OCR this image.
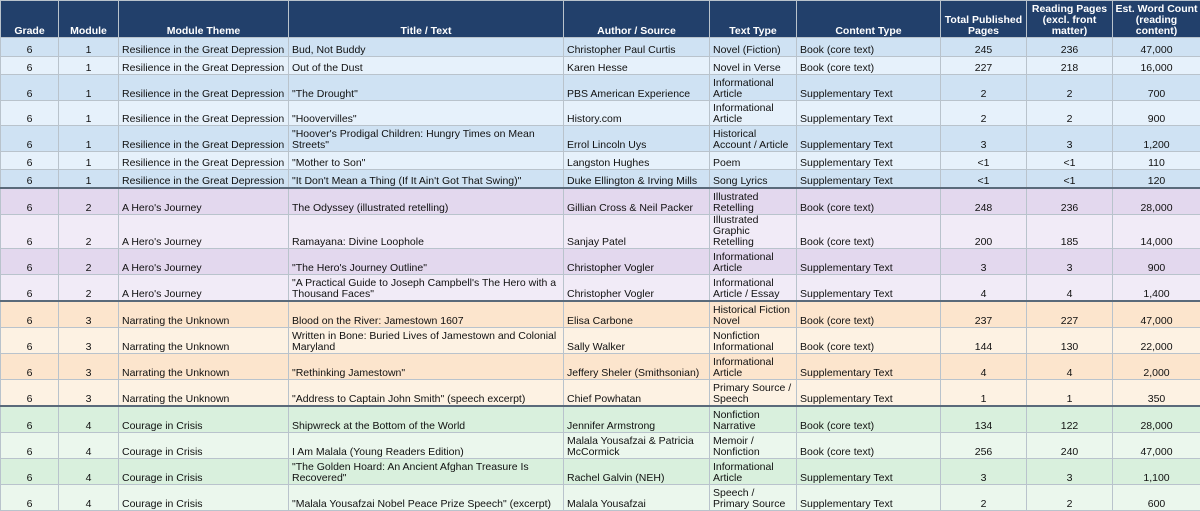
Grade	Module	Module Theme	Title / Text	Author / Source	Text Type	Content Type	Total Published Pages	Reading Pages (excl. front matter)	Est. Word Count (reading content)
6	1	Resilience in the Great Depression	Bud, Not Buddy	Christopher Paul Curtis	Novel (Fiction)	Book (core text)	245	236	47,000
6	1	Resilience in the Great Depression	Out of the Dust	Karen Hesse	Novel in Verse	Book (core text)	227	218	16,000
6	1	Resilience in the Great Depression	"The Drought"	PBS American Experience	Informational Article	Supplementary Text	2	2	700
6	1	Resilience in the Great Depression	"Hoovervilles"	History.com	Informational Article	Supplementary Text	2	2	900
6	1	Resilience in the Great Depression	"Hoover's Prodigal Children: Hungry Times on Mean Streets"	Errol Lincoln Uys	Historical Account / Article	Supplementary Text	3	3	1,200
6	1	Resilience in the Great Depression	"Mother to Son"	Langston Hughes	Poem	Supplementary Text	<1	<1	110
6	1	Resilience in the Great Depression	"It Don't Mean a Thing (If It Ain't Got That Swing)"	Duke Ellington & Irving Mills	Song Lyrics	Supplementary Text	<1	<1	120
6	2	A Hero's Journey	The Odyssey (illustrated retelling)	Gillian Cross & Neil Packer	Illustrated Retelling	Book (core text)	248	236	28,000
6	2	A Hero's Journey	Ramayana: Divine Loophole	Sanjay Patel	Illustrated Graphic Retelling	Book (core text)	200	185	14,000
6	2	A Hero's Journey	"The Hero's Journey Outline"	Christopher Vogler	Informational Article	Supplementary Text	3	3	900
6	2	A Hero's Journey	"A Practical Guide to Joseph Campbell's The Hero with a Thousand Faces"	Christopher Vogler	Informational Article / Essay	Supplementary Text	4	4	1,400
6	3	Narrating the Unknown	Blood on the River: Jamestown 1607	Elisa Carbone	Historical Fiction Novel	Book (core text)	237	227	47,000
6	3	Narrating the Unknown	Written in Bone: Buried Lives of Jamestown and Colonial Maryland	Sally Walker	Nonfiction Informational	Book (core text)	144	130	22,000
6	3	Narrating the Unknown	"Rethinking Jamestown"	Jeffery Sheler (Smithsonian)	Informational Article	Supplementary Text	4	4	2,000
6	3	Narrating the Unknown	"Address to Captain John Smith" (speech excerpt)	Chief Powhatan	Primary Source / Speech	Supplementary Text	1	1	350
6	4	Courage in Crisis	Shipwreck at the Bottom of the World	Jennifer Armstrong	Nonfiction Narrative	Book (core text)	134	122	28,000
6	4	Courage in Crisis	I Am Malala (Young Readers Edition)	Malala Yousafzai & Patricia McCormick	Memoir / Nonfiction	Book (core text)	256	240	47,000
6	4	Courage in Crisis	"The Golden Hoard: An Ancient Afghan Treasure Is Recovered"	Rachel Galvin (NEH)	Informational Article	Supplementary Text	3	3	1,100
6	4	Courage in Crisis	"Malala Yousafzai Nobel Peace Prize Speech" (excerpt)	Malala Yousafzai	Speech / Primary Source	Supplementary Text	2	2	600
